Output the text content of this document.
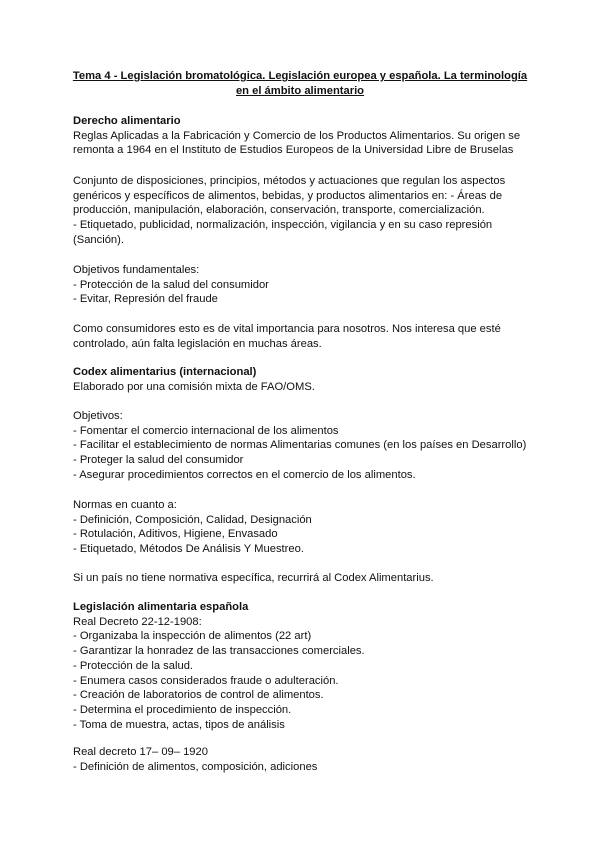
Tema 4 - Legislación bromatológica. Legislación europea y española. La terminología
en el ámbito alimentario
Derecho alimentario
Reglas Aplicadas a la Fabricación y Comercio de los Productos Alimentarios. Su origen se
remonta a 1964 en el Instituto de Estudios Europeos de la Universidad Libre de Bruselas
Conjunto de disposiciones, principios, métodos y actuaciones que regulan los aspectos
genéricos y específicos de alimentos, bebidas, y productos alimentarios en: - Áreas de
producción, manipulación, elaboración, conservación, transporte, comercialización.
- Etiquetado, publicidad, normalización, inspección, vigilancia y en su caso represión
(Sanción).
Objetivos fundamentales:
- Protección de la salud del consumidor
- Evitar, Represión del fraude
Como consumidores esto es de vital importancia para nosotros. Nos interesa que esté
controlado, aún falta legislación en muchas áreas.
Codex alimentarius (internacional)
Elaborado por una comisión mixta de FAO/OMS.
Objetivos:
- Fomentar el comercio internacional de los alimentos
- Facilitar el establecimiento de normas Alimentarias comunes (en los países en Desarrollo)
- Proteger la salud del consumidor
- Asegurar procedimientos correctos en el comercio de los alimentos.
Normas en cuanto a:
- Definición, Composición, Calidad, Designación
- Rotulación, Aditivos, Higiene, Envasado
- Etiquetado, Métodos De Análisis Y Muestreo.
Si un país no tiene normativa específica, recurrirá al Codex Alimentarius.
Legislación alimentaria española
Real Decreto 22-12-1908:
- Organizaba la inspección de alimentos (22 art)
- Garantizar la honradez de las transacciones comerciales.
- Protección de la salud.
- Enumera casos considerados fraude o adulteración.
- Creación de laboratorios de control de alimentos.
- Determina el procedimiento de inspección.
- Toma de muestra, actas, tipos de análisis
Real decreto 17– 09– 1920
- Definición de alimentos, composición, adiciones
